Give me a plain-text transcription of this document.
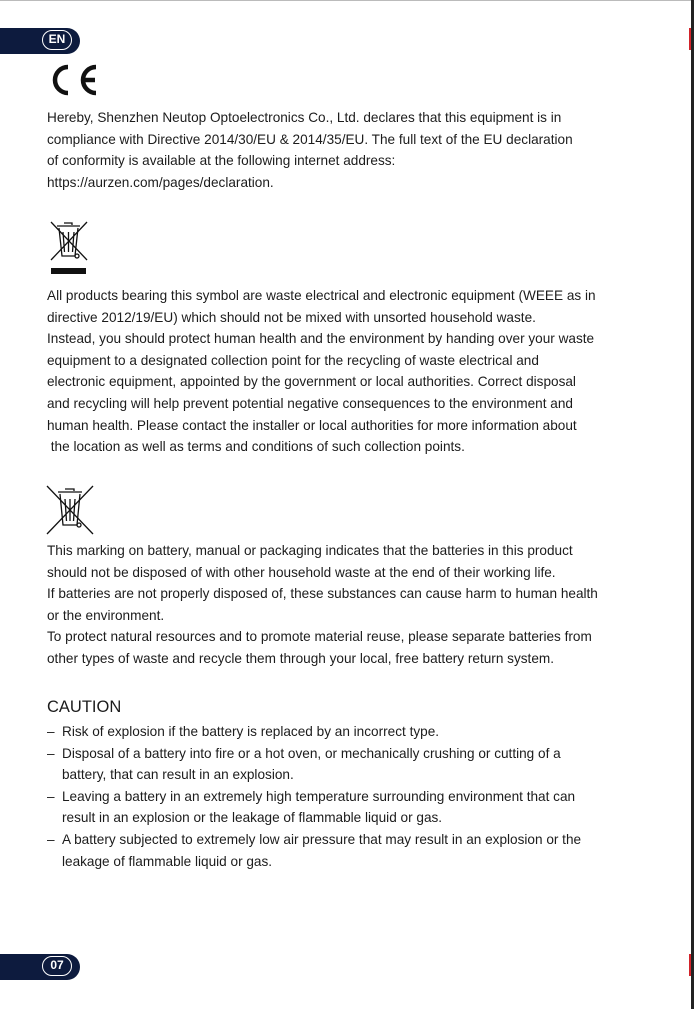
EN

Hereby, Shenzhen Neutop Optoelectronics Co., Ltd. declares that this equipment is in

compliance with Directive 2014/30/EU & 2014/35/EU. The full text of the EU declaration

of conformity is available at the following internet address:

https://aurzen.com/pages/declaration.

All products bearing this symbol are waste electrical and electronic equipment (WEEE as in

directive 2012/19/EU) which should not be mixed with unsorted household waste.

Instead, you should protect human health and the environment by handing over your waste

equipment to a designated collection point for the recycling of waste electrical and

electronic equipment, appointed by the government or local authorities. Correct disposal

and recycling will help prevent potential negative consequences to the environment and

human health. Please contact the installer or local authorities for more information about

the location as well as terms and conditions of such collection points.

This marking on battery, manual or packaging indicates that the batteries in this product

should not be disposed of with other household waste at the end of their working life.

If batteries are not properly disposed of, these substances can cause harm to human health

or the environment.

To protect natural resources and to promote material reuse, please separate batteries from

other types of waste and recycle them through your local, free battery return system.

CAUTION
– Risk of explosion if the battery is replaced by an incorrect type.
– Disposal of a battery into fire or a hot oven, or mechanically crushing or cutting of a
battery, that can result in an explosion.
– Leaving a battery in an extremely high temperature surrounding environment that can
result in an explosion or the leakage of flammable liquid or gas.
– A battery subjected to extremely low air pressure that may result in an explosion or the
leakage of flammable liquid or gas.
07
